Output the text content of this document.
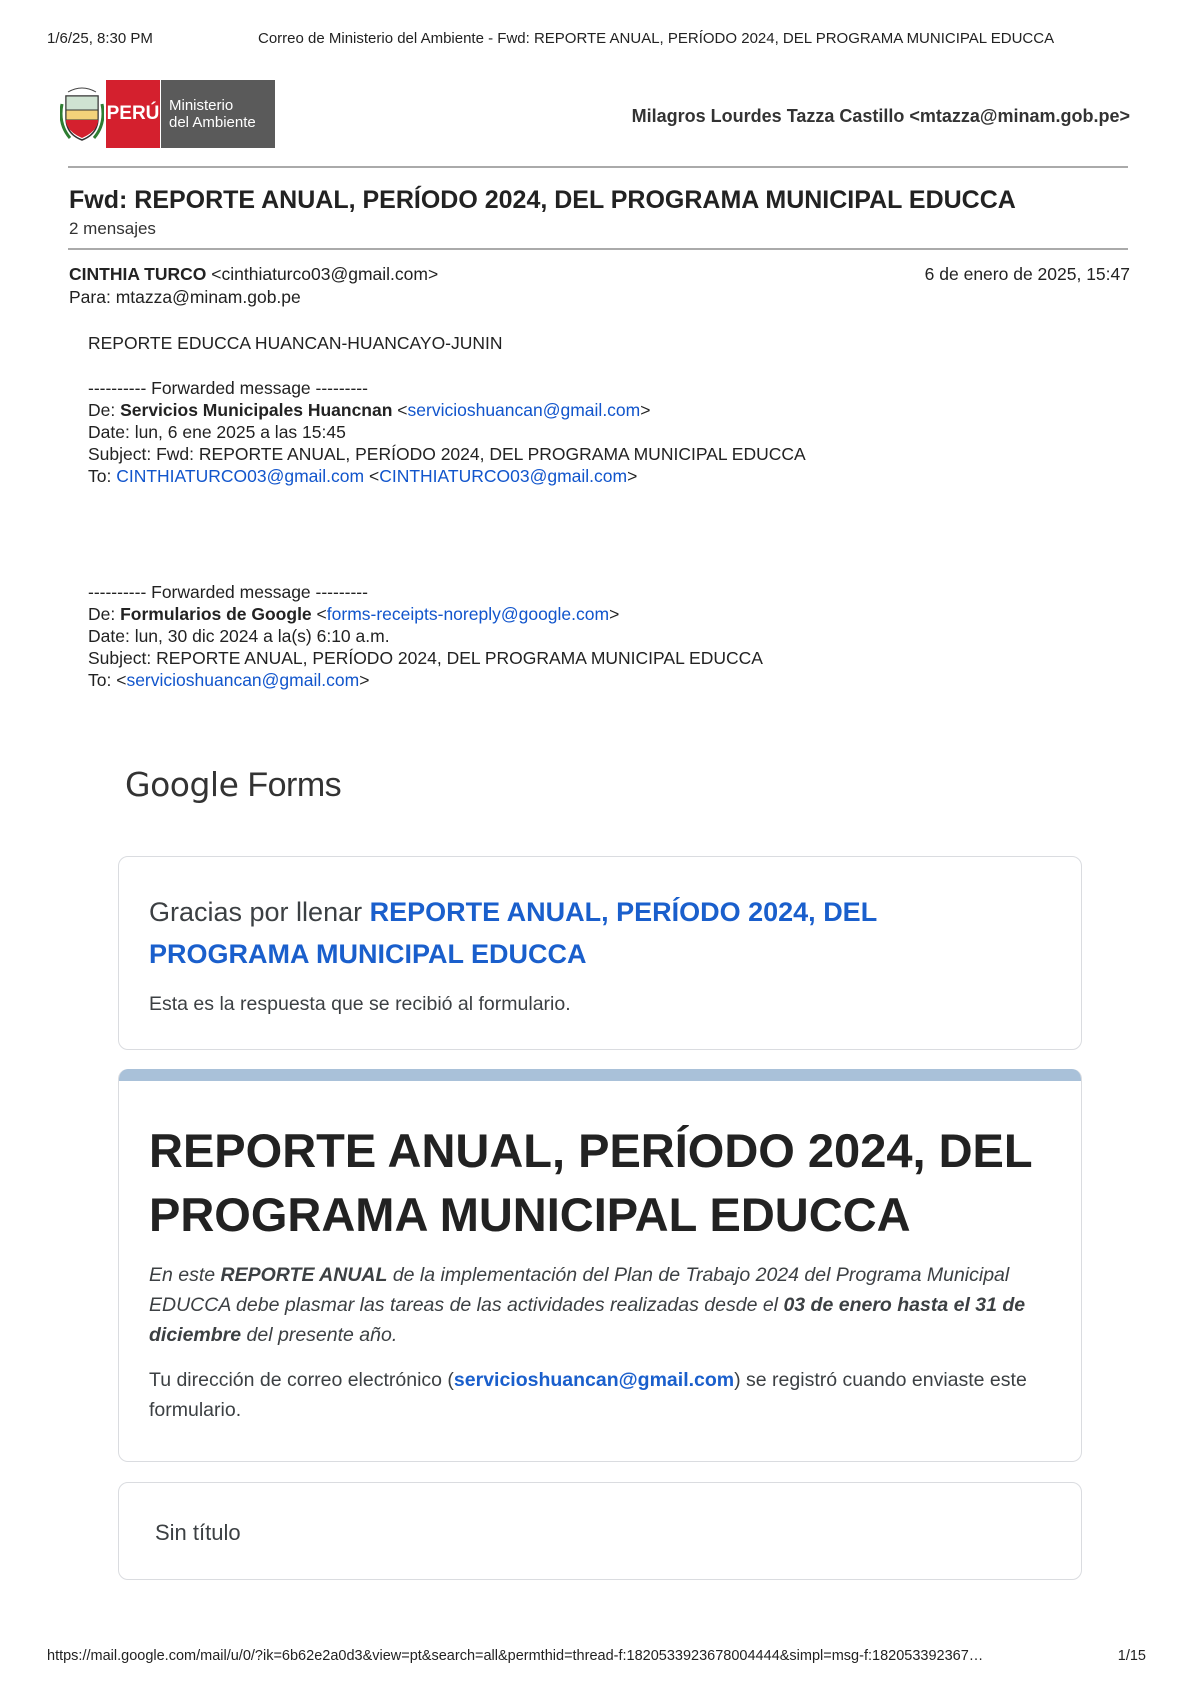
1/6/25, 8:30 PM	Correo de Ministerio del Ambiente - Fwd: REPORTE ANUAL, PERÍODO 2024, DEL PROGRAMA MUNICIPAL EDUCCA
PERÚ Ministerio
del Ambiente	Milagros Lourdes Tazza Castillo <mtazza@minam.gob.pe>
Fwd: REPORTE ANUAL, PERÍODO 2024, DEL PROGRAMA MUNICIPAL EDUCCA
2 mensajes
CINTHIA TURCO <cinthiaturco03@gmail.com>	6 de enero de 2025, 15:47
Para: mtazza@minam.gob.pe
REPORTE EDUCCA HUANCAN-HUANCAYO-JUNIN
---------- Forwarded message ---------
De: Servicios Municipales Huancnan <servicioshuancan@gmail.com>
Date: lun, 6 ene 2025 a las 15:45
Subject: Fwd: REPORTE ANUAL, PERÍODO 2024, DEL PROGRAMA MUNICIPAL EDUCCA
To: CINTHIATURCO03@gmail.com <CINTHIATURCO03@gmail.com>
---------- Forwarded message ---------
De: Formularios de Google <forms-receipts-noreply@google.com>
Date: lun, 30 dic 2024 a la(s) 6:10 a.m.
Subject: REPORTE ANUAL, PERÍODO 2024, DEL PROGRAMA MUNICIPAL EDUCCA
To: <servicioshuancan@gmail.com>
Google Forms
Gracias por llenar REPORTE ANUAL, PERÍODO 2024, DEL PROGRAMA MUNICIPAL EDUCCA
Esta es la respuesta que se recibió al formulario.
REPORTE ANUAL, PERÍODO 2024, DEL PROGRAMA MUNICIPAL EDUCCA
En este REPORTE ANUAL de la implementación del Plan de Trabajo 2024 del Programa Municipal EDUCCA debe plasmar las tareas de las actividades realizadas desde el 03 de enero hasta el 31 de diciembre del presente año.
Tu dirección de correo electrónico (servicioshuancan@gmail.com) se registró cuando enviaste este formulario.
Sin título
https://mail.google.com/mail/u/0/?ik=6b62e2a0d3&view=pt&search=all&permthid=thread-f:1820533923678004444&simpl=msg-f:182053392367…	1/15
